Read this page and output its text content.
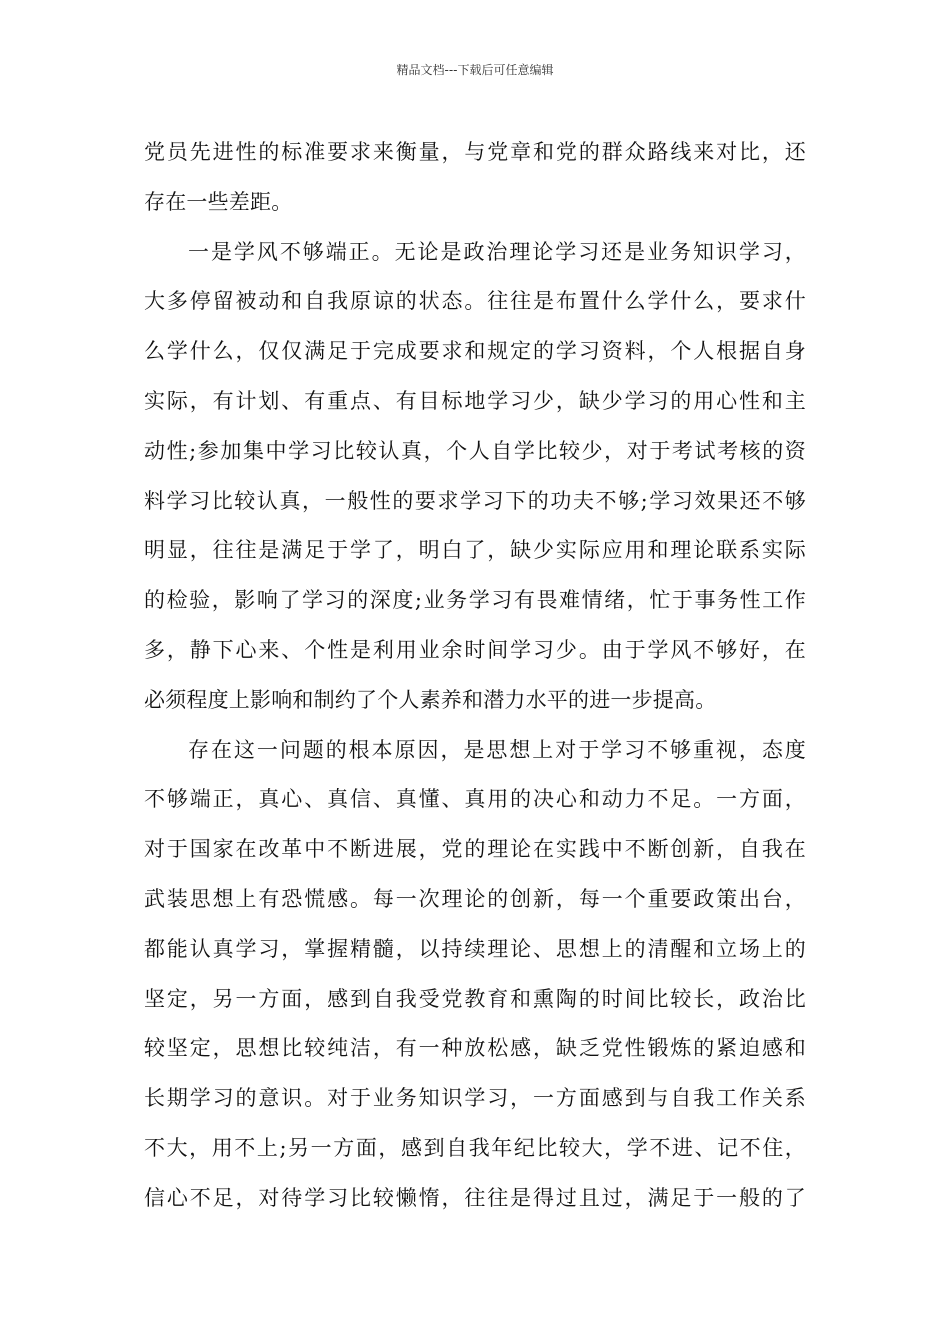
精品文档---下载后可任意编辑
党员先进性的标准要求来衡量，与党章和党的群众路线来对比，还
存在一些差距。
一是学风不够端正。无论是政治理论学习还是业务知识学习，
大多停留被动和自我原谅的状态。往往是布置什么学什么，要求什
么学什么，仅仅满足于完成要求和规定的学习资料，个人根据自身
实际，有计划、有重点、有目标地学习少，缺少学习的用心性和主
动性;参加集中学习比较认真，个人自学比较少，对于考试考核的资
料学习比较认真，一般性的要求学习下的功夫不够;学习效果还不够
明显，往往是满足于学了，明白了，缺少实际应用和理论联系实际
的检验，影响了学习的深度;业务学习有畏难情绪，忙于事务性工作
多，静下心来、个性是利用业余时间学习少。由于学风不够好，在
必须程度上影响和制约了个人素养和潜力水平的进一步提高。
存在这一问题的根本原因，是思想上对于学习不够重视，态度
不够端正，真心、真信、真懂、真用的决心和动力不足。一方面，
对于国家在改革中不断进展，党的理论在实践中不断创新，自我在
武装思想上有恐慌感。每一次理论的创新，每一个重要政策出台，
都能认真学习，掌握精髓，以持续理论、思想上的清醒和立场上的
坚定，另一方面，感到自我受党教育和熏陶的时间比较长，政治比
较坚定，思想比较纯洁，有一种放松感，缺乏党性锻炼的紧迫感和
长期学习的意识。对于业务知识学习，一方面感到与自我工作关系
不大，用不上;另一方面，感到自我年纪比较大，学不进、记不住，
信心不足，对待学习比较懒惰，往往是得过且过，满足于一般的了
